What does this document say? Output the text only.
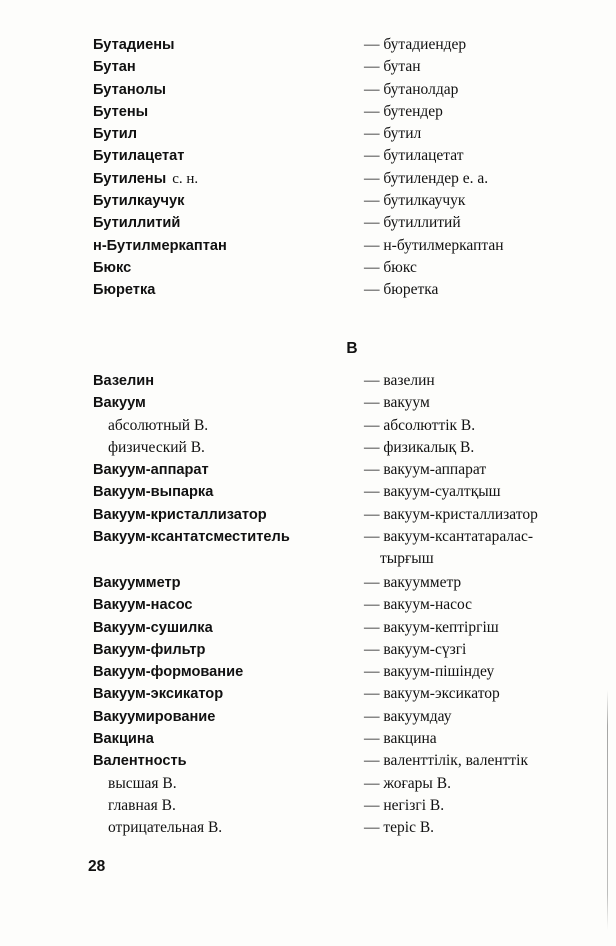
Бутадиены	— бутадиендер
Бутан	— бутан
Бутанолы	— бутанолдар
Бутены	— бутендер
Бутил	— бутил
Бутилацетат	— бутилацетат
Бутилены с. н.	— бутилендер е. а.
Бутилкаучук	— бутилкаучук
Бутиллитий	— бутиллитий
н-Бутилмеркаптан	— н-бутилмеркаптан
Бюкс	— бюкс
Бюретка	— бюретка
В
Вазелин	— вазелин
Вакуум	— вакуум
абсолютный В.	— абсолюттік В.
физический В.	— физикалық В.
Вакуум-аппарат	— вакуум-аппарат
Вакуум-выпарка	— вакуум-суалтқыш
Вакуум-кристаллизатор	— вакуум-кристаллизатор
Вакуум-ксантатсместитель	— вакуум-ксантатаралас-
тырғыш
Вакуумметр	— вакуумметр
Вакуум-насос	— вакуум-насос
Вакуум-сушилка	— вакуум-кептіргіш
Вакуум-фильтр	— вакуум-сүзгі
Вакуум-формование	— вакуум-пішіндеу
Вакуум-эксикатор	— вакуум-эксикатор
Вакуумирование	— вакуумдау
Вакцина	— вакцина
Валентность	— валенттілік, валенттік
высшая В.	— жоғары В.
главная В.	— негізгі В.
отрицательная В.	— теріс В.
28
